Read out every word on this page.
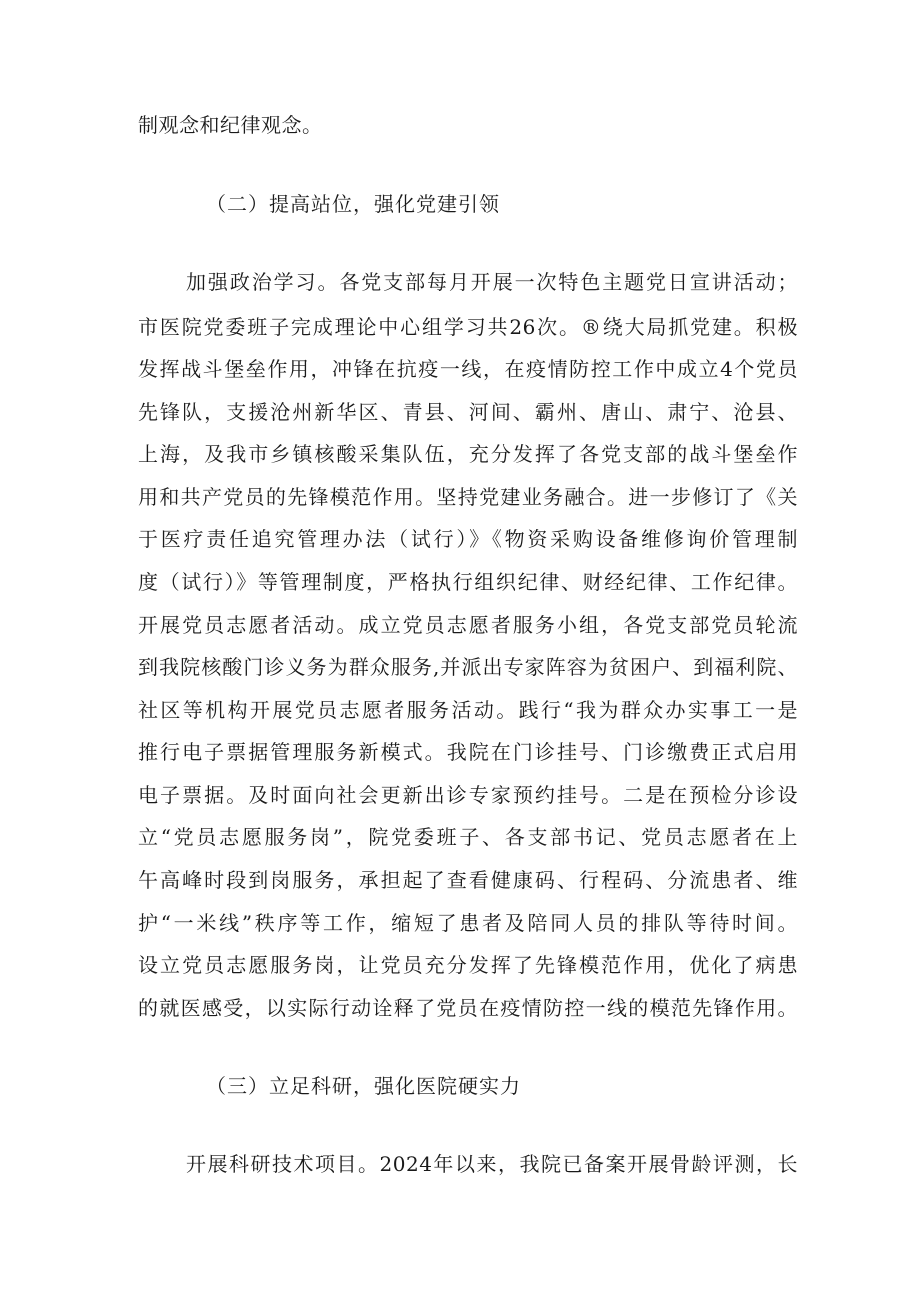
制观念和纪律观念。
（二）提高站位，强化党建引领
加强政治学习。各党支部每月开展一次特色主题党日宣讲活动；
市医院党委班子完成理论中心组学习共26次。®绕大局抓党建。积极
发挥战斗堡垒作用，冲锋在抗疫一线，在疫情防控工作中成立4个党员
先锋队，支援沧州新华区、青县、河间、霸州、唐山、肃宁、沧县、
上海，及我市乡镇核酸采集队伍，充分发挥了各党支部的战斗堡垒作
用和共产党员的先锋模范作用。坚持党建业务融合。进一步修订了《关
于医疗责任追究管理办法（试行）》《物资采购设备维修询价管理制
度（试行）》等管理制度，严格执行组织纪律、财经纪律、工作纪律。
开展党员志愿者活动。成立党员志愿者服务小组，各党支部党员轮流
到我院核酸门诊义务为群众服务,并派出专家阵容为贫困户、到福利院、
社区等机构开展党员志愿者服务活动。践行“我为群众办实事工一是
推行电子票据管理服务新模式。我院在门诊挂号、门诊缴费正式启用
电子票据。及时面向社会更新出诊专家预约挂号。二是在预检分诊设
立“党员志愿服务岗”，院党委班子、各支部书记、党员志愿者在上
午高峰时段到岗服务，承担起了查看健康码、行程码、分流患者、维
护“一米线”秩序等工作，缩短了患者及陪同人员的排队等待时间。
设立党员志愿服务岗，让党员充分发挥了先锋模范作用，优化了病患
的就医感受，以实际行动诠释了党员在疫情防控一线的模范先锋作用。
（三）立足科研，强化医院硬实力
开展科研技术项目。2024年以来，我院已备案开展骨龄评测，长
